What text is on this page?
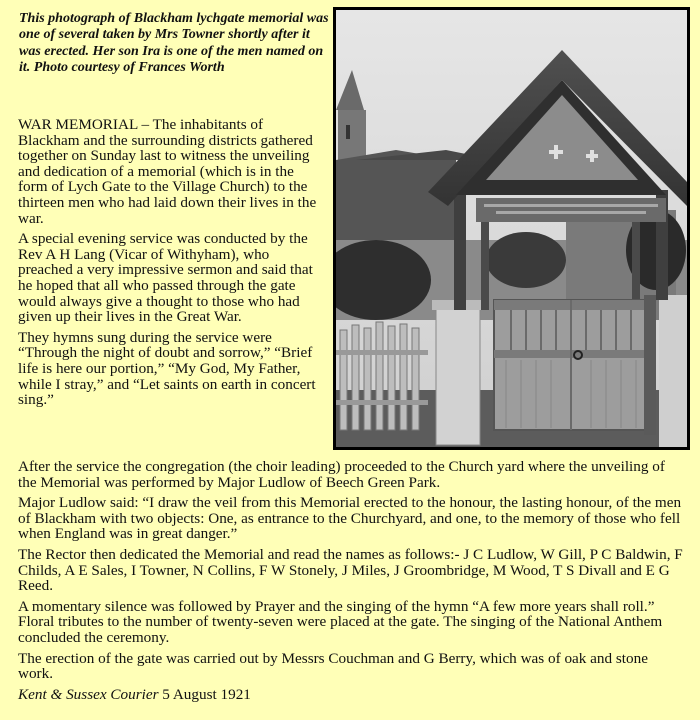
This photograph of Blackham lychgate memorial was one of several taken by Mrs Towner shortly after it was erected. Her son Ira is one of the men named on it. Photo courtesy of Frances Worth

WAR MEMORIAL – The inhabitants of Blackham and the surrounding districts gathered together on Sunday last to witness the unveiling and dedication of a memorial (which is in the form of Lych Gate to the Village Church) to the thirteen men who had laid down their lives in the war.

A special evening service was conducted by the Rev A H Lang (Vicar of Withyham), who preached a very impressive sermon and said that he hoped that all who passed through the gate would always give a thought to those who had given up their lives in the Great War.

They hymns sung during the service were “Through the night of doubt and sorrow,” “Brief life is here our portion,” “My God, My Father, while I stray,” and “Let saints on earth in concert sing.”

After the service the congregation (the choir leading) proceeded to the Church yard where the unveiling of the Memorial was performed by Major Ludlow of Beech Green Park.

Major Ludlow said: “I draw the veil from this Memorial erected to the honour, the lasting honour, of the men of Blackham with two objects: One, as entrance to the Churchyard, and one, to the memory of those who fell when England was in great danger.”

The Rector then dedicated the Memorial and read the names as follows:- J C Ludlow, W Gill, P C Baldwin, F Childs, A E Sales, I Towner, N Collins, F W Stonely, J Miles, J Groombridge, M Wood, T S Divall and E G Reed.

A momentary silence was followed by Prayer and the singing of the hymn “A few more years shall roll.” Floral tributes to the number of twenty-seven were placed at the gate. The singing of the National Anthem concluded the ceremony.

The erection of the gate was carried out by Messrs Couchman and G Berry, which was of oak and stone work.

Kent & Sussex Courier 5 August 1921
